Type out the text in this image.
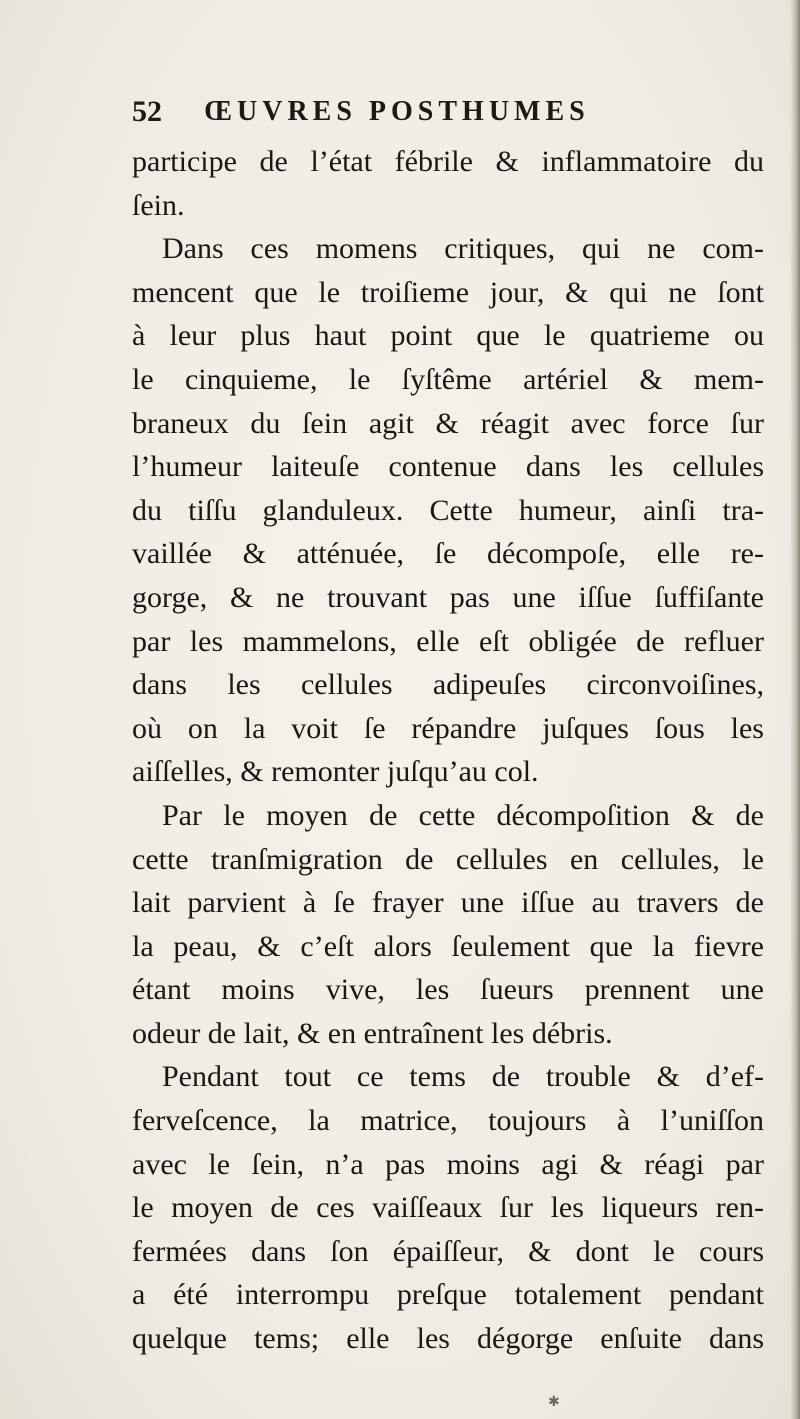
52 ŒUVRES POSTHUMES
participe de l’état fébrile & inflammatoire du
ſein.
Dans ces momens critiques, qui ne com-
mencent que le troiſieme jour, & qui ne ſont
à leur plus haut point que le quatrieme ou
le cinquieme, le ſyſtême artériel & mem-
braneux du ſein agit & réagit avec force ſur
l’humeur laiteuſe contenue dans les cellules
du tiſſu glanduleux. Cette humeur, ainſi tra-
vaillée & atténuée, ſe décompoſe, elle re-
gorge, & ne trouvant pas une iſſue ſuffiſante
par les mammelons, elle eſt obligée de refluer
dans les cellules adipeuſes circonvoiſines,
où on la voit ſe répandre juſques ſous les
aiſſelles, & remonter juſqu’au col.
Par le moyen de cette décompoſition & de
cette tranſmigration de cellules en cellules, le
lait parvient à ſe frayer une iſſue au travers de
la peau, & c’eſt alors ſeulement que la fievre
étant moins vive, les ſueurs prennent une
odeur de lait, & en entraînent les débris.
Pendant tout ce tems de trouble & d’ef-
ferveſcence, la matrice, toujours à l’uniſſon
avec le ſein, n’a pas moins agi & réagi par
le moyen de ces vaiſſeaux ſur les liqueurs ren-
fermées dans ſon épaiſſeur, & dont le cours
a été interrompu preſque totalement pendant
quelque tems; elle les dégorge enſuite dans
✱
